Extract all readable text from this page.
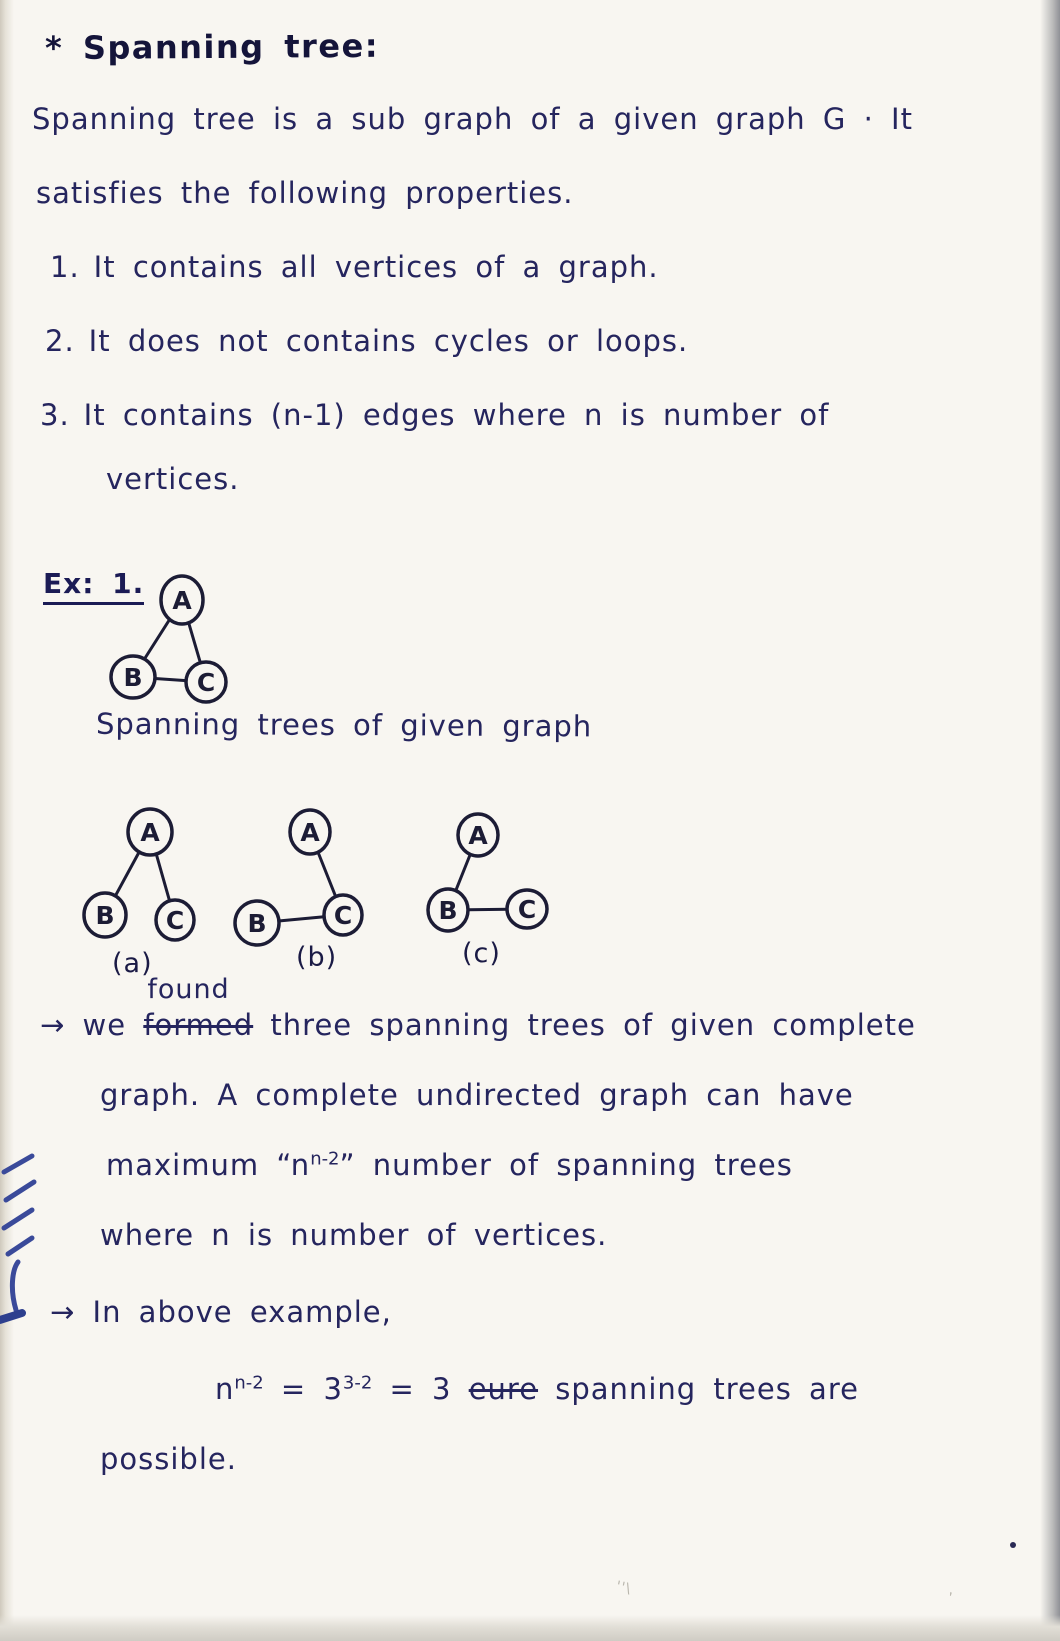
* Spanning tree:
Spanning tree is a sub graph of a given graph G · It
satisfies the following properties.
1. It contains all vertices of a graph.
2. It does not contains cycles or loops.
3. It contains (n-1) edges where n is number of
vertices.
Ex: 1.
A
B C
Spanning trees of given graph
A
B C
A
B	C
A
B C
(a)	(b)	(c)
→ we
found
formed three spanning trees of given complete
graph. A complete undirected graph can have
maximum “$n^{n-2}$” number of spanning trees
where n is number of vertices.
→ In above example,
$n^{n-2} = 3^{3-2} = 3$ eure spanning trees are
possible.
''\	,
